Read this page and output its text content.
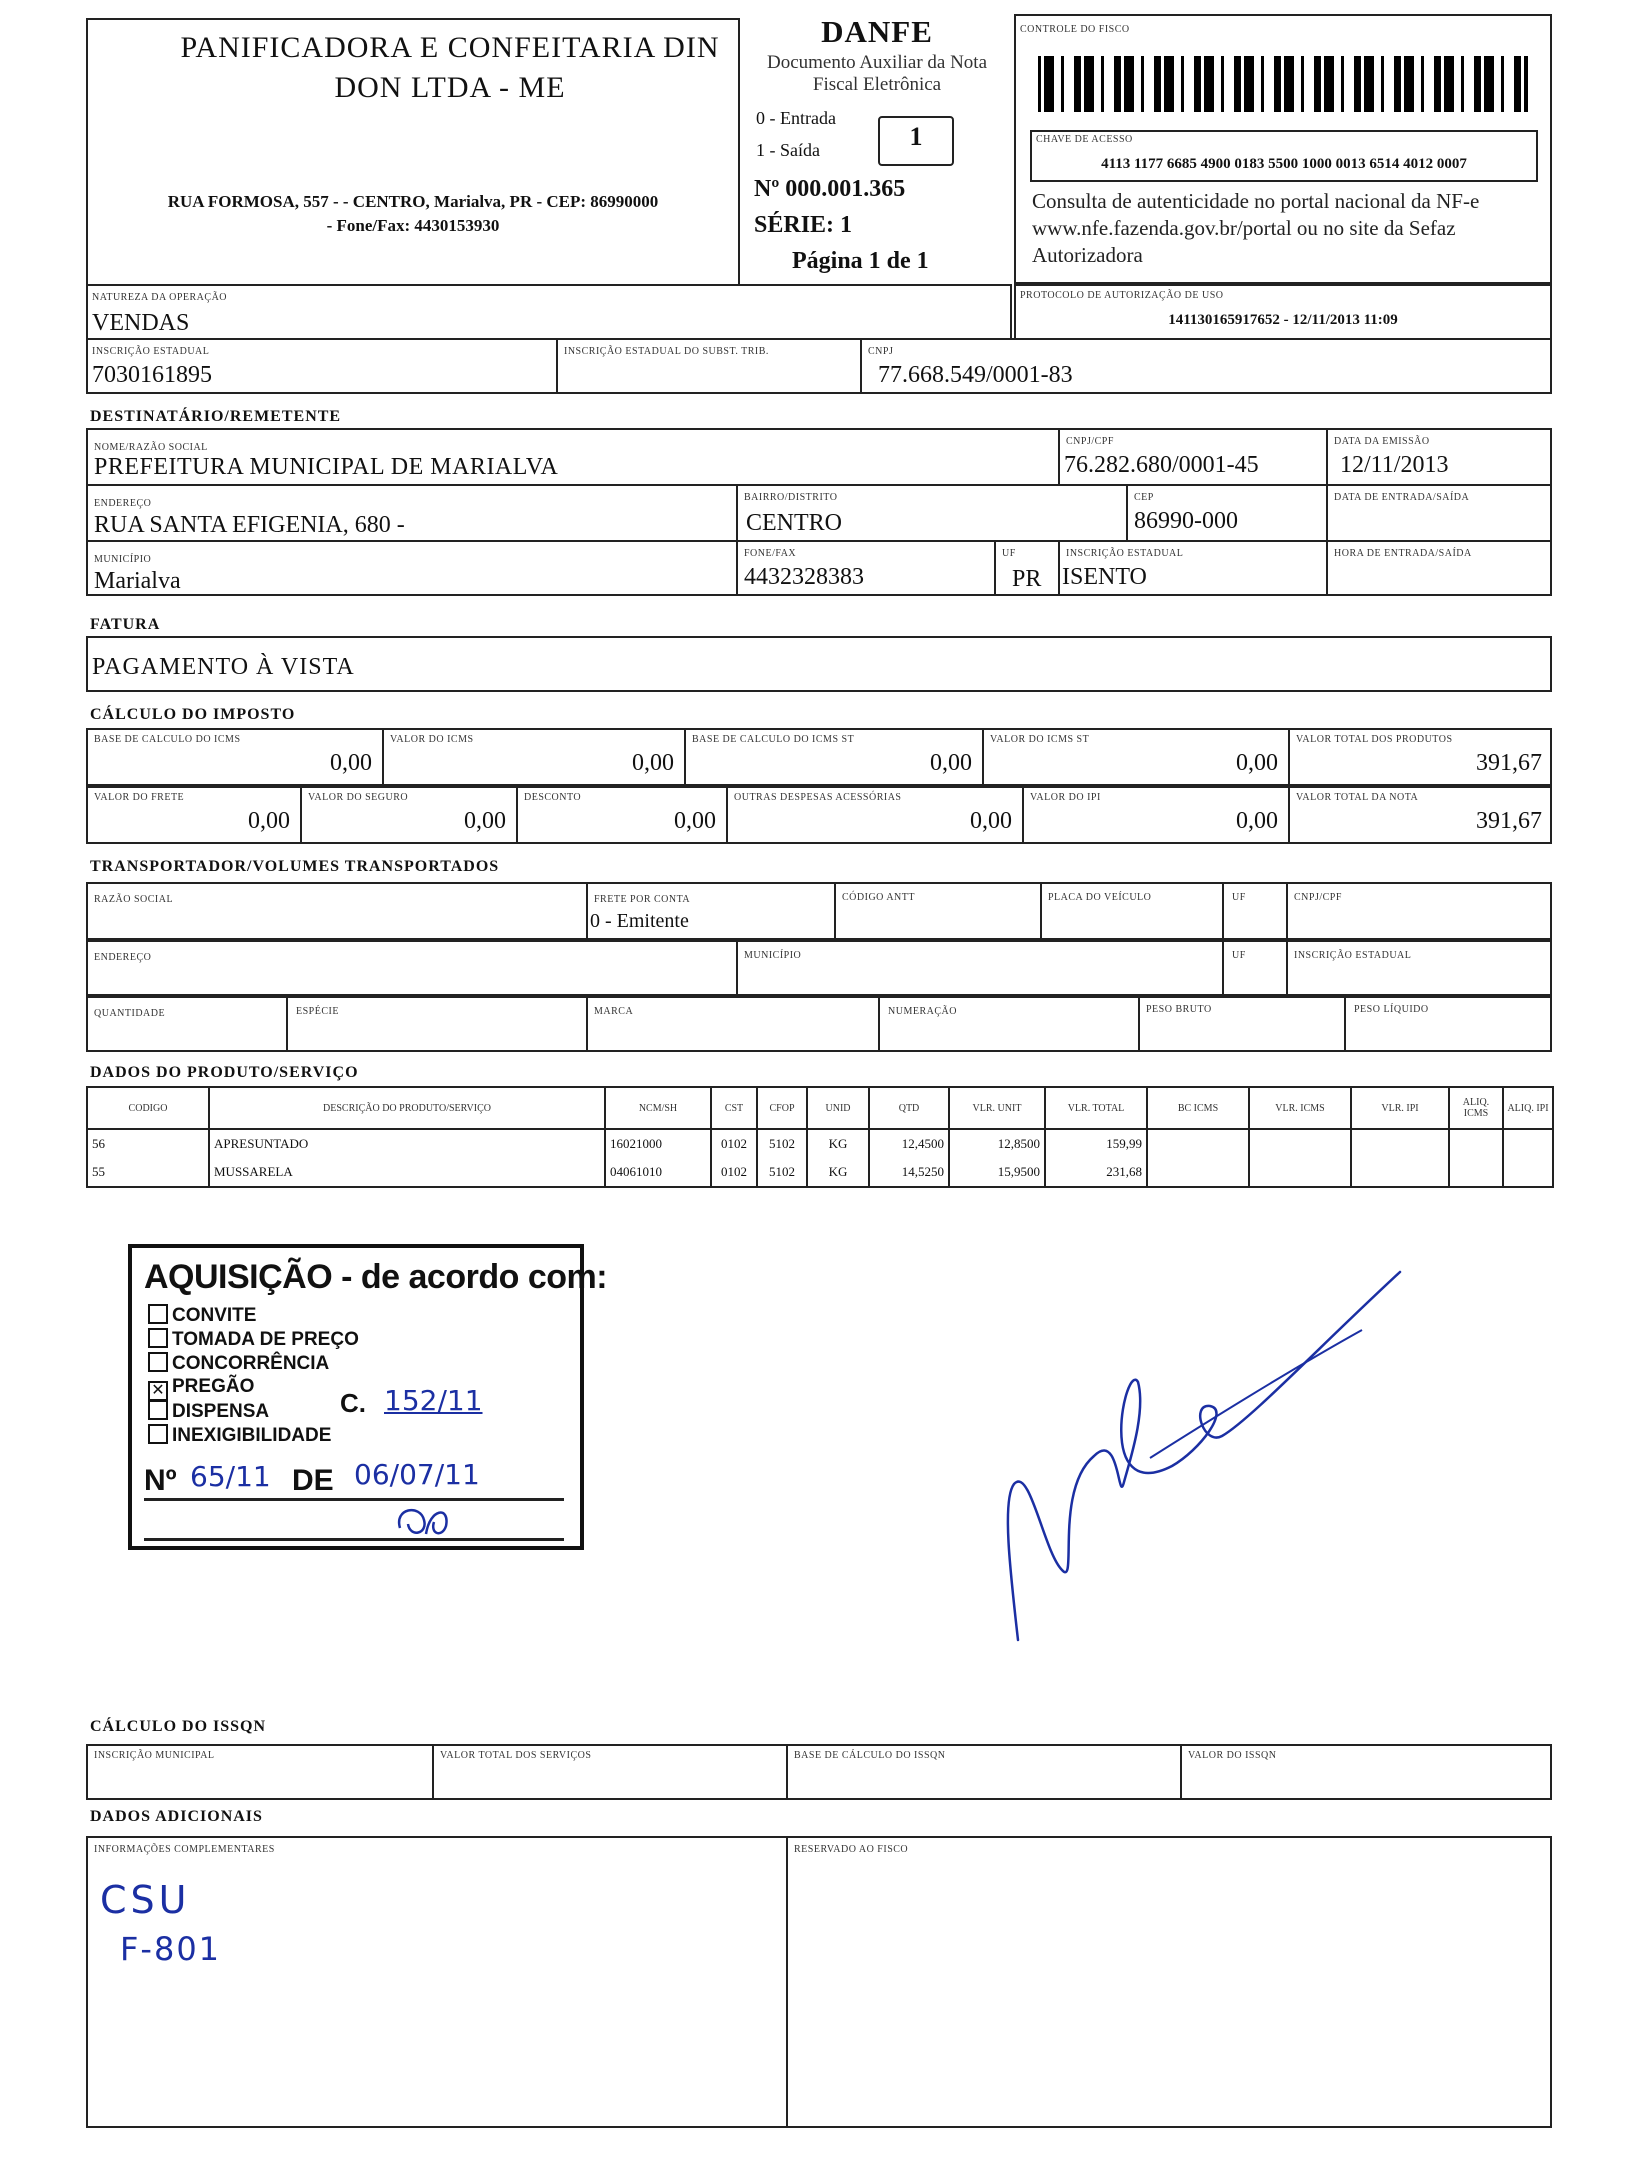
PANIFICADORA E CONFEITARIA DIN DON LTDA - ME
RUA FORMOSA, 557 - - CENTRO, Marialva, PR - CEP: 86990000
- Fone/Fax: 4430153930
DANFE
Documento Auxiliar da Nota Fiscal Eletrônica
0 - Entrada
1 - Saída	1
Nº 000.001.365
SÉRIE: 1
Página 1 de 1
CONTROLE DO FISCO
CHAVE DE ACESSO
4113 1177 6685 4900 0183 5500 1000 0013 6514 4012 0007
Consulta de autenticidade no portal nacional da NF-e www.nfe.fazenda.gov.br/portal ou no site da Sefaz Autorizadora
NATUREZA DA OPERAÇÃO
VENDAS
PROTOCOLO DE AUTORIZAÇÃO DE USO
141130165917652 - 12/11/2013 11:09
INSCRIÇÃO ESTADUAL
7030161895
INSCRIÇÃO ESTADUAL DO SUBST. TRIB.	CNPJ
77.668.549/0001-83
DESTINATÁRIO/REMETENTE
NOME/RAZÃO SOCIAL
PREFEITURA MUNICIPAL DE MARIALVA
CNPJ/CPF
76.282.680/0001-45
DATA DA EMISSÃO
12/11/2013
ENDEREÇO
RUA SANTA EFIGENIA, 680 -
BAIRRO/DISTRITO
CENTRO
CEP
86990-000
DATA DE ENTRADA/SAÍDA
MUNICÍPIO
Marialva
FONE/FAX
4432328383
UF
PR
INSCRIÇÃO ESTADUAL
ISENTO
HORA DE ENTRADA/SAÍDA
FATURA
PAGAMENTO À VISTA
CÁLCULO DO IMPOSTO
BASE DE CALCULO DO ICMS
0,00
VALOR DO ICMS
0,00
BASE DE CALCULO DO ICMS ST
0,00
VALOR DO ICMS ST
0,00
VALOR TOTAL DOS PRODUTOS
391,67
VALOR DO FRETE
0,00
VALOR DO SEGURO
0,00
DESCONTO
0,00
OUTRAS DESPESAS ACESSÓRIAS
0,00
VALOR DO IPI
0,00
VALOR TOTAL DA NOTA
391,67
TRANSPORTADOR/VOLUMES TRANSPORTADOS
RAZÃO SOCIAL	FRETE POR CONTA
0 - Emitente
CÓDIGO ANTT	PLACA DO VEÍCULO	UF	CNPJ/CPF
ENDEREÇO	MUNICÍPIO	UF	INSCRIÇÃO ESTADUAL
QUANTIDADE	ESPÉCIE	MARCA	NUMERAÇÃO	PESO BRUTO	PESO LÍQUIDO
DADOS DO PRODUTO/SERVIÇO
CODIGO	DESCRIÇÃO DO PRODUTO/SERVIÇO	NCM/SH	CST	CFOP	UNID	QTD	VLR. UNIT	VLR. TOTAL	BC ICMS	VLR. ICMS	VLR. IPI	ALIQ. ICMS	ALIQ. IPI
56	APRESUNTADO	16021000	0102	5102	KG	12,4500	12,8500	159,99					
55	MUSSARELA	04061010	0102	5102	KG	14,5250	15,9500	231,68					
AQUISIÇÃO - de acordo com:
CONVITE
TOMADA DE PREÇO
CONCORRÊNCIA
✕ PREGÃO
DISPENSA
INEXIGIBILIDADE
C. 152/11
Nº 65/11 DE 06/07/11
CÁLCULO DO ISSQN
INSCRIÇÃO MUNICIPAL	VALOR TOTAL DOS SERVIÇOS	BASE DE CÁLCULO DO ISSQN	VALOR DO ISSQN
DADOS ADICIONAIS
INFORMAÇÕES COMPLEMENTARES	RESERVADO AO FISCO
CSU
F-801
